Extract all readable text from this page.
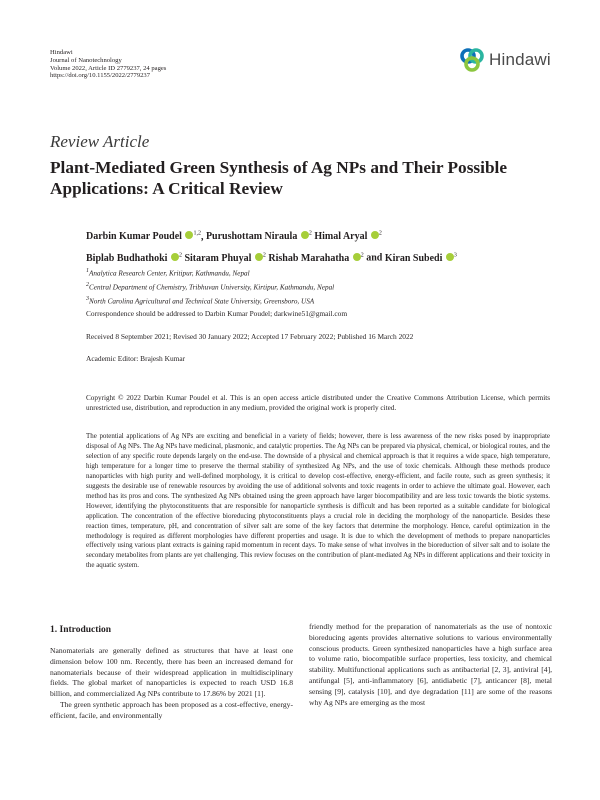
Hindawi
Journal of Nanotechnology
Volume 2022, Article ID 2779237, 24 pages
https://doi.org/10.1155/2022/2779237
Hindawi
Review Article
Plant-Mediated Green Synthesis of Ag NPs and Their Possible Applications: A Critical Review
Darbin Kumar Poudel $^{1,2}$, Purushottam Niraula $^2$ Himal Aryal $^2$
Biplab Budhathoki $^2$ Sitaram Phuyal $^2$ Rishab Marahatha $^2$ and Kiran Subedi $^3$
$^1$Analytica Research Center, Kritipur, Kathmandu, Nepal
$^2$Central Department of Chemistry, Tribhuvan University, Kirtipur, Kathmandu, Nepal
$^3$North Carolina Agricultural and Technical State University, Greensboro, USA
Correspondence should be addressed to Darbin Kumar Poudel; darkwine51@gmail.com
Received 8 September 2021; Revised 30 January 2022; Accepted 17 February 2022; Published 16 March 2022
Academic Editor: Brajesh Kumar

Copyright © 2022 Darbin Kumar Poudel et al. This is an open access article distributed under the Creative Commons Attribution License, which permits unrestricted use, distribution, and reproduction in any medium, provided the original work is properly cited.

The potential applications of Ag NPs are exciting and beneficial in a variety of fields; however, there is less awareness of the new risks posed by inappropriate disposal of Ag NPs. The Ag NPs have medicinal, plasmonic, and catalytic properties. The Ag NPs can be prepared via physical, chemical, or biological routes, and the selection of any specific route depends largely on the end-use. The downside of a physical and chemical approach is that it requires a wide space, high temperature, high temperature for a longer time to preserve the thermal stability of synthesized Ag NPs, and the use of toxic chemicals. Although these methods produce nanoparticles with high purity and well-defined morphology, it is critical to develop cost-effective, energy-efficient, and facile route, such as green synthesis; it suggests the desirable use of renewable resources by avoiding the use of additional solvents and toxic reagents in order to achieve the ultimate goal. However, each method has its pros and cons. The synthesized Ag NPs obtained using the green approach have larger biocompatibility and are less toxic towards the biotic systems. However, identifying the phytoconstituents that are responsible for nanoparticle synthesis is difficult and has been reported as a suitable candidate for biological application. The concentration of the effective bioreducing phytoconstituents plays a crucial role in deciding the morphology of the nanoparticle. Besides these reaction times, temperature, pH, and concentration of silver salt are some of the key factors that determine the morphology. Hence, careful optimization in the methodology is required as different morphologies have different properties and usage. It is due to which the development of methods to prepare nanoparticles effectively using various plant extracts is gaining rapid momentum in recent days. To make sense of what involves in the bioreduction of silver salt and to isolate the secondary metabolites from plants are yet challenging. This review focuses on the contribution of plant-mediated Ag NPs in different applications and their toxicity in the aquatic system.

1. Introduction

Nanomaterials are generally defined as structures that have at least one dimension below 100 nm. Recently, there has been an increased demand for nanomaterials because of their widespread application in multidisciplinary fields. The global market of nanoparticles is expected to reach USD 16.8 billion, and commercialized Ag NPs contribute to 17.86% by 2021 [1].

The green synthetic approach has been proposed as a cost-effective, energy-efficient, facile, and environmentally

friendly method for the preparation of nanomaterials as the use of nontoxic bioreducing agents provides alternative solutions to various environmentally conscious products. Green synthesized nanoparticles have a high surface area to volume ratio, biocompatible surface properties, less toxicity, and chemical stability. Multifunctional applications such as antibacterial [2, 3], antiviral [4], antifungal [5], anti-inflammatory [6], antidiabetic [7], anticancer [8], metal sensing [9], catalysis [10], and dye degradation [11] are some of the reasons why Ag NPs are emerging as the most
